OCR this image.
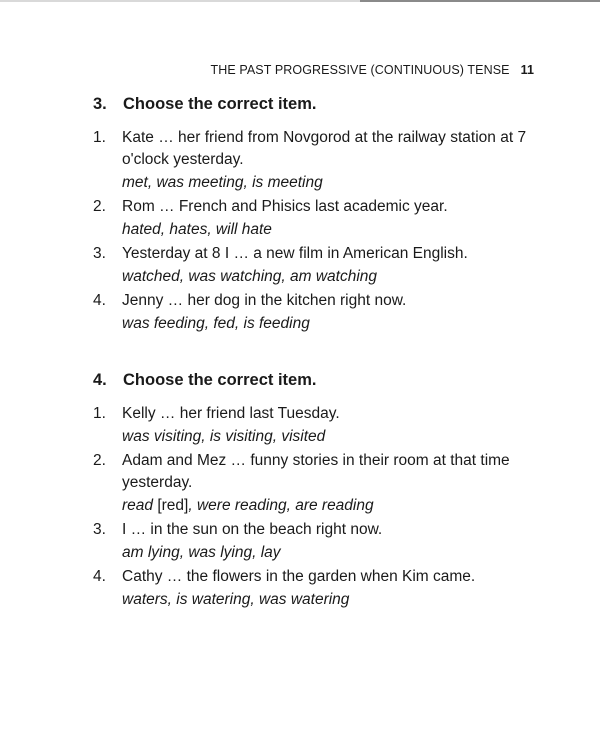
THE PAST PROGRESSIVE (CONTINUOUS) TENSE 11
3. Choose the correct item.
1.	Kate … her friend from Novgorod at the railway station at 7 o'clock yesterday.
met, was meeting, is meeting
2.	Rom … French and Phisics last academic year.
hated, hates, will hate
3.	Yesterday at 8 I … a new film in American English.
watched, was watching, am watching
4.	Jenny … her dog in the kitchen right now.
was feeding, fed, is feeding
4. Choose the correct item.
1.	Kelly … her friend last Tuesday.
was visiting, is visiting, visited
2.	Adam and Mez … funny stories in their room at that time yesterday.
read [red], were reading, are reading
3.	I … in the sun on the beach right now.
am lying, was lying, lay
4.	Cathy … the flowers in the garden when Kim came.
waters, is watering, was watering
